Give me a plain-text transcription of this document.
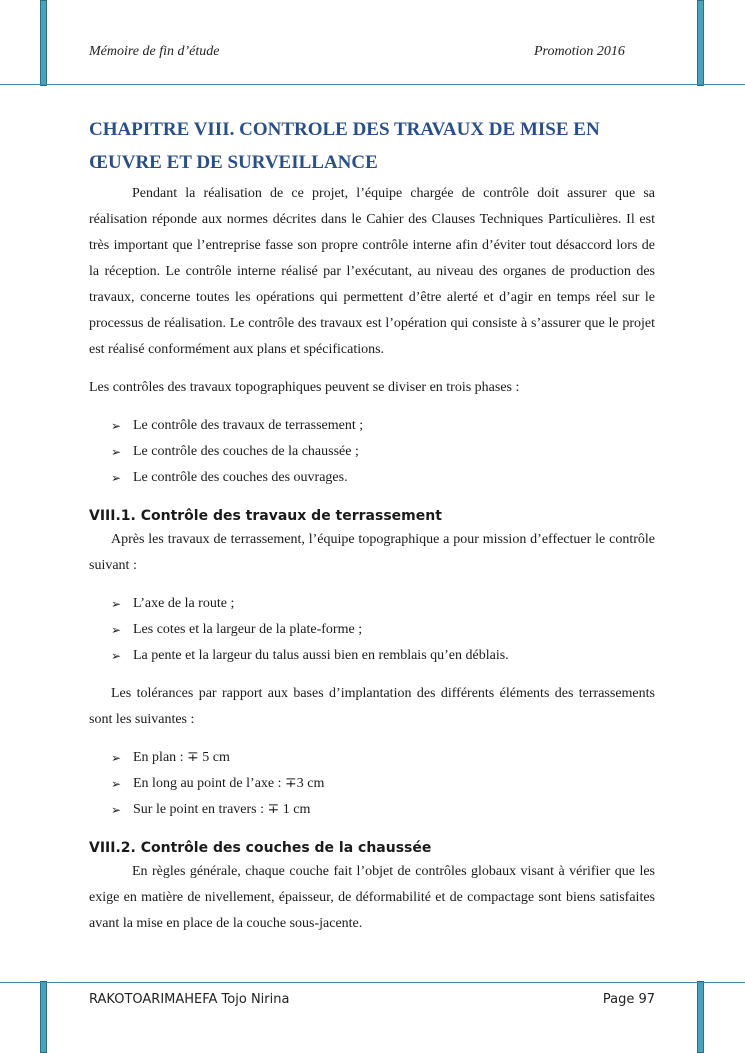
Mémoire de fin d’étude	Promotion 2016
CHAPITRE VIII. CONTROLE DES TRAVAUX DE MISE EN
ŒUVRE ET DE SURVEILLANCE

Pendant la réalisation de ce projet, l’équipe chargée de contrôle doit assurer que sa réalisation réponde aux normes décrites dans le Cahier des Clauses Techniques Particulières. Il est très important que l’entreprise fasse son propre contrôle interne afin d’éviter tout désaccord lors de la réception. Le contrôle interne réalisé par l’exécutant, au niveau des organes de production des travaux, concerne toutes les opérations qui permettent d’être alerté et d’agir en temps réel sur le processus de réalisation. Le contrôle des travaux est l’opération qui consiste à s’assurer que le projet est réalisé conformément aux plans et spécifications.

Les contrôles des travaux topographiques peuvent se diviser en trois phases :

➢ Le contrôle des travaux de terrassement ;
➢ Le contrôle des couches de la chaussée ;
➢ Le contrôle des couches des ouvrages.
VIII.1. Contrôle des travaux de terrassement

Après les travaux de terrassement, l’équipe topographique a pour mission d’effectuer le contrôle suivant :

➢ L’axe de la route ;
➢ Les cotes et la largeur de la plate-forme ;
➢ La pente et la largeur du talus aussi bien en remblais qu’en déblais.

Les tolérances par rapport aux bases d’implantation des différents éléments des terrassements sont les suivantes :

➢ En plan : ∓ 5 cm
➢ En long au point de l’axe : ∓3 cm
➢ Sur le point en travers : ∓ 1 cm
VIII.2. Contrôle des couches de la chaussée

En règles générale, chaque couche fait l’objet de contrôles globaux visant à vérifier que les exige en matière de nivellement, épaisseur, de déformabilité et de compactage sont biens satisfaites avant la mise en place de la couche sous-jacente.

RAKOTOARIMAHEFA Tojo Nirina	Page 97
